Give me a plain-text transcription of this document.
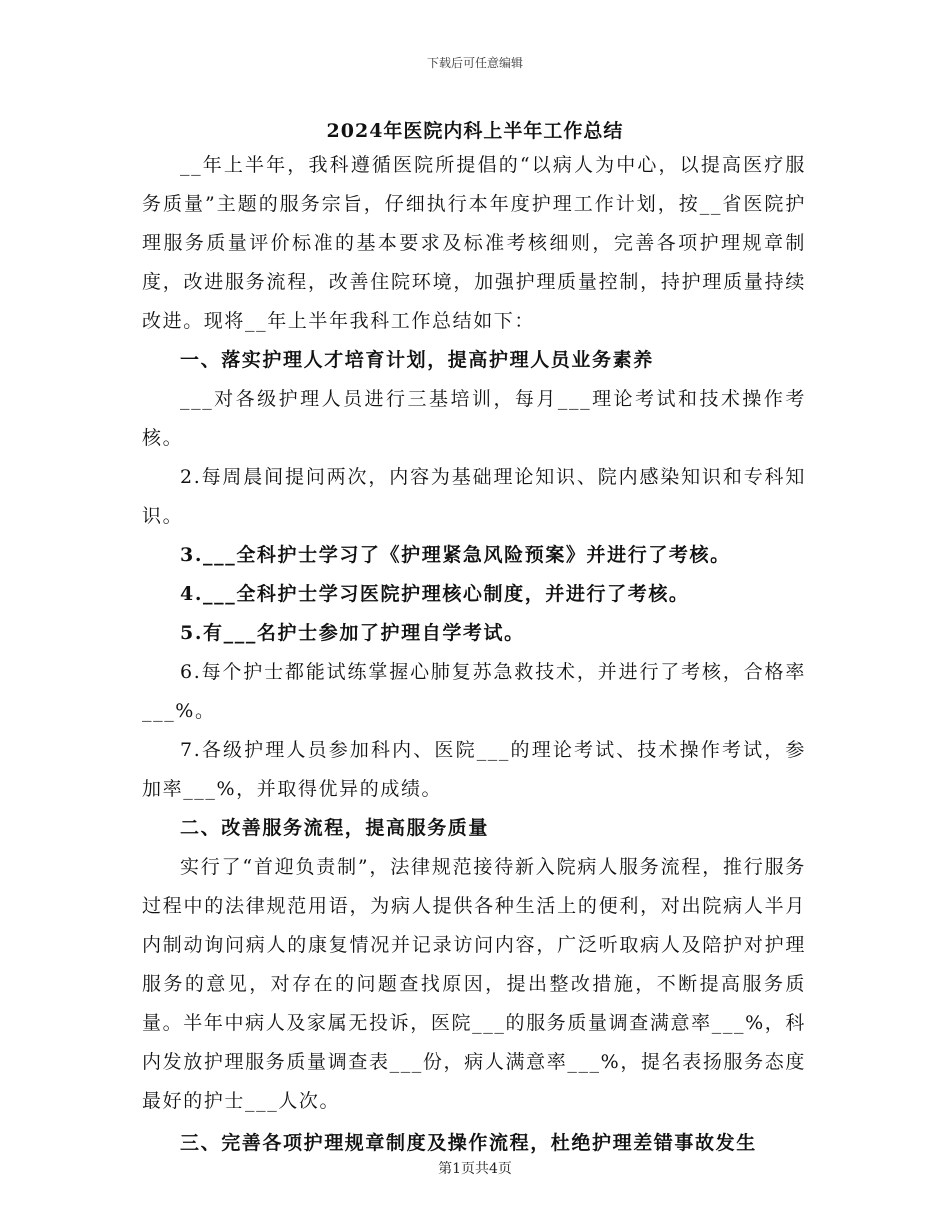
下载后可任意编辑
2024年医院内科上半年工作总结

__年上半年，我科遵循医院所提倡的“以病人为中心，以提高医疗服务质量”主题的服务宗旨，仔细执行本年度护理工作计划，按__省医院护理服务质量评价标准的基本要求及标准考核细则，完善各项护理规章制度，改进服务流程，改善住院环境，加强护理质量控制，持护理质量持续改进。现将__年上半年我科工作总结如下：

一、落实护理人才培育计划，提高护理人员业务素养

___对各级护理人员进行三基培训，每月___理论考试和技术操作考核。

2.每周晨间提问两次，内容为基础理论知识、院内感染知识和专科知识。

3.___全科护士学习了《护理紧急风险预案》并进行了考核。

4.___全科护士学习医院护理核心制度，并进行了考核。

5.有___名护士参加了护理自学考试。

6.每个护士都能试练掌握心肺复苏急救技术，并进行了考核，合格率___%。

7.各级护理人员参加科内、医院___的理论考试、技术操作考试，参加率___%，并取得优异的成绩。

二、改善服务流程，提高服务质量

实行了“首迎负责制”，法律规范接待新入院病人服务流程，推行服务过程中的法律规范用语，为病人提供各种生活上的便利，对出院病人半月内制动询问病人的康复情况并记录访问内容，广泛听取病人及陪护对护理服务的意见，对存在的问题查找原因，提出整改措施，不断提高服务质量。半年中病人及家属无投诉，医院___的服务质量调查满意率___%，科内发放护理服务质量调查表___份，病人满意率___%，提名表扬服务态度最好的护士___人次。

三、完善各项护理规章制度及操作流程，杜绝护理差错事故发生

第1页共4页
